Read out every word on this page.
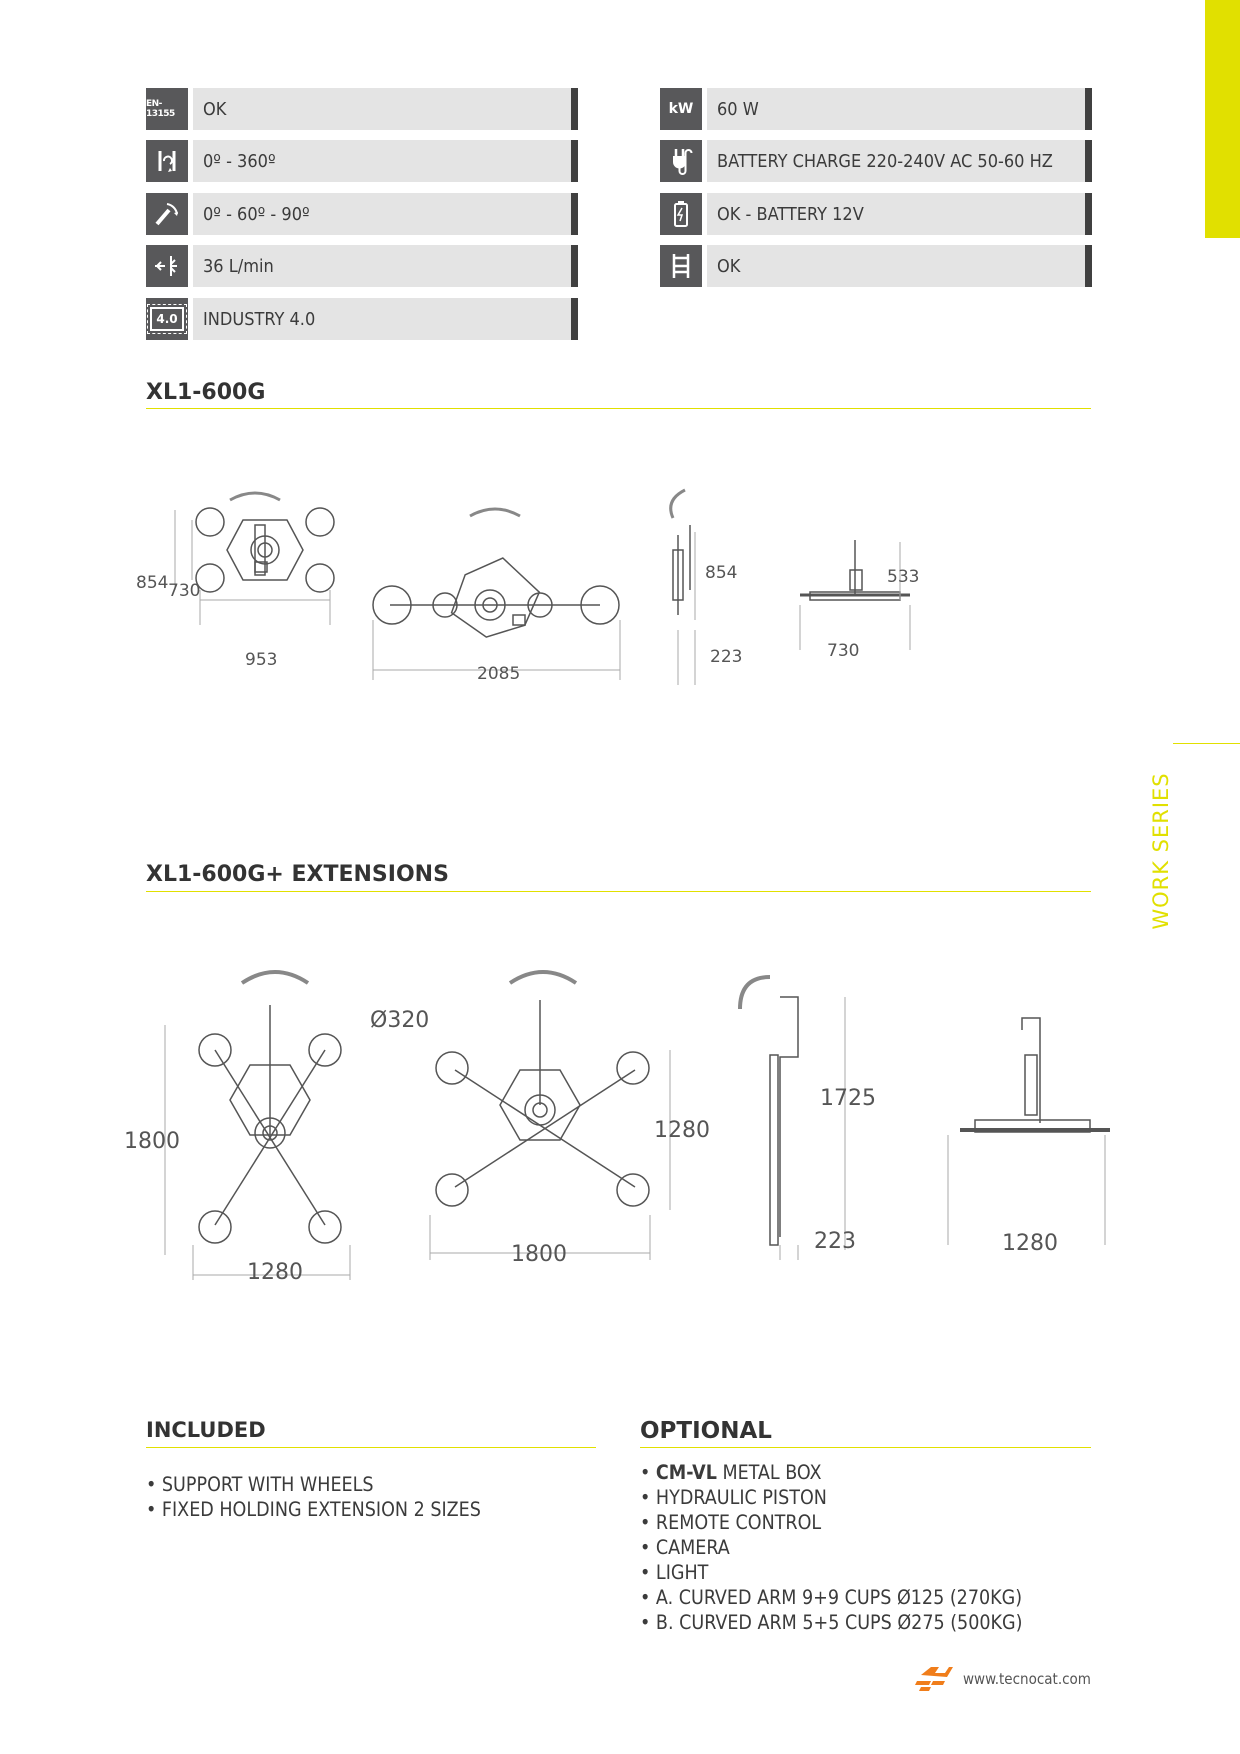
WORK SERIES
EN-13155	OK
0º - 360º
0º - 60º - 90º
36 L/min
4.0	INDUSTRY 4.0
kW	60 W
BATTERY CHARGE 220-240V AC 50-60 HZ
OK - BATTERY 12V
OK
XL1-600G
854 730
953
2085
854
223
533
730
XL1-600G+ EXTENSIONS
Ø320
1800
1280
1280
1800
1725
223	1280
INCLUDED
• SUPPORT WITH WHEELS
• FIXED HOLDING EXTENSION 2 SIZES
OPTIONAL
• CM-VL METAL BOX
• HYDRAULIC PISTON
• REMOTE CONTROL
• CAMERA
• LIGHT
• A. CURVED ARM 9+9 CUPS Ø125 (270KG)
• B. CURVED ARM 5+5 CUPS Ø275 (500KG)
www.tecnocat.com
